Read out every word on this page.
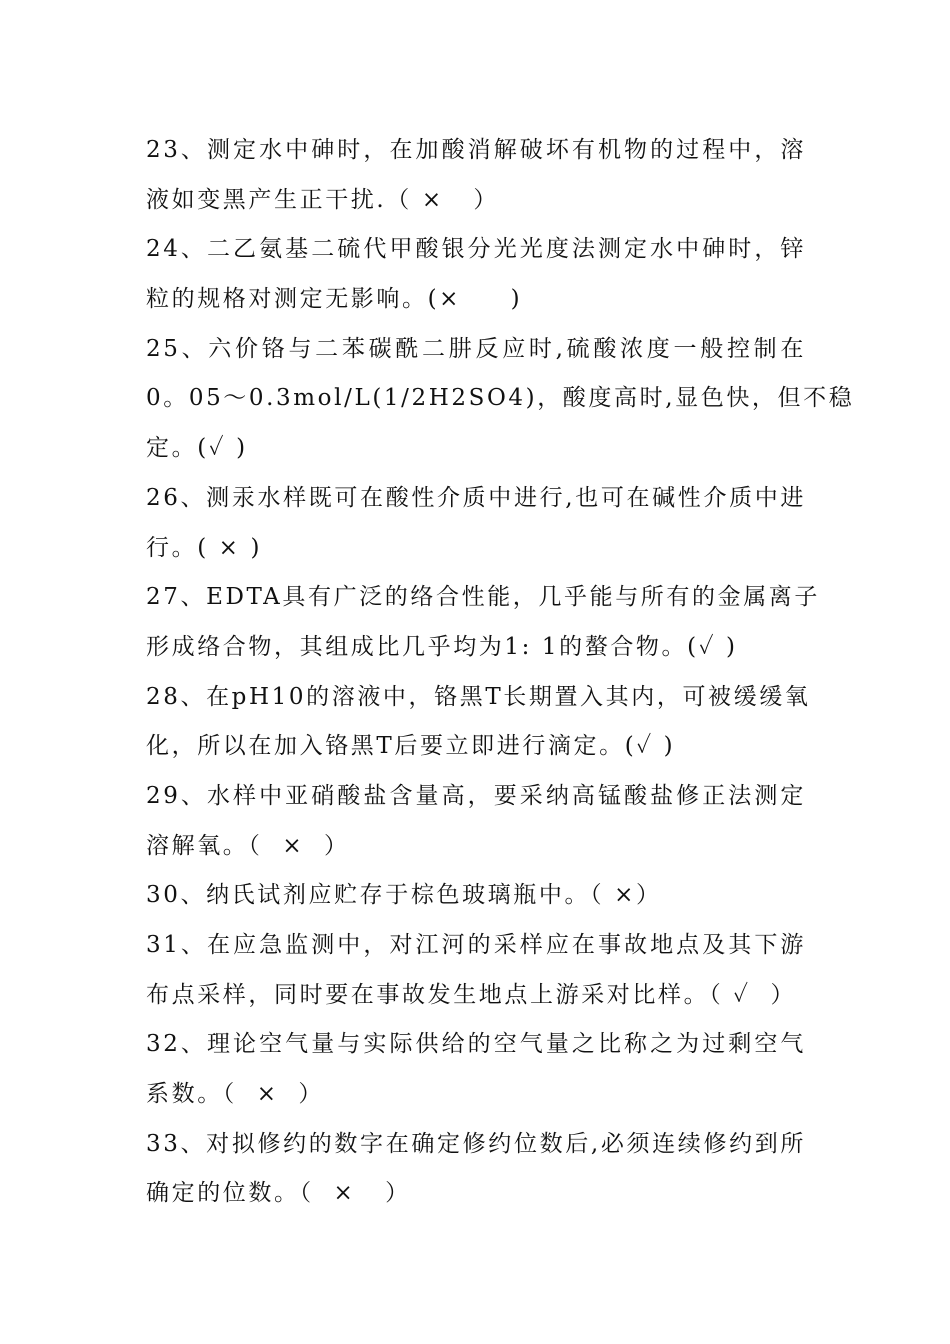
23、测定水中砷时，在加酸消解破坏有机物的过程中，溶
液如变黑产生正干扰.（ ×   ）
24、二乙氨基二硫代甲酸银分光光度法测定水中砷时，锌
粒的规格对测定无影响。(×     )
25、六价铬与二苯碳酰二肼反应时,硫酸浓度一般控制在
0。05～0.3mol/L(1/2H2SO4)，酸度高时,显色快，但不稳
定。(✓ )
26、测汞水样既可在酸性介质中进行,也可在碱性介质中进
行。( × )
27、EDTA具有广泛的络合性能，几乎能与所有的金属离子
形成络合物，其组成比几乎均为1: 1的螯合物。(✓ )
28、在pH10的溶液中，铬黑T长期置入其内，可被缓缓氧
化，所以在加入铬黑T后要立即进行滴定。(✓ )
29、水样中亚硝酸盐含量高，要采纳高锰酸盐修正法测定
溶解氧。（  ×  ）
30、纳氏试剂应贮存于棕色玻璃瓶中。（ ×）
31、在应急监测中，对江河的采样应在事故地点及其下游
布点采样，同时要在事故发生地点上游采对比样。（ ✓  ）
32、理论空气量与实际供给的空气量之比称之为过剩空气
系数。（  ×  ）
33、对拟修约的数字在确定修约位数后,必须连续修约到所
确定的位数。（  ×   ）
